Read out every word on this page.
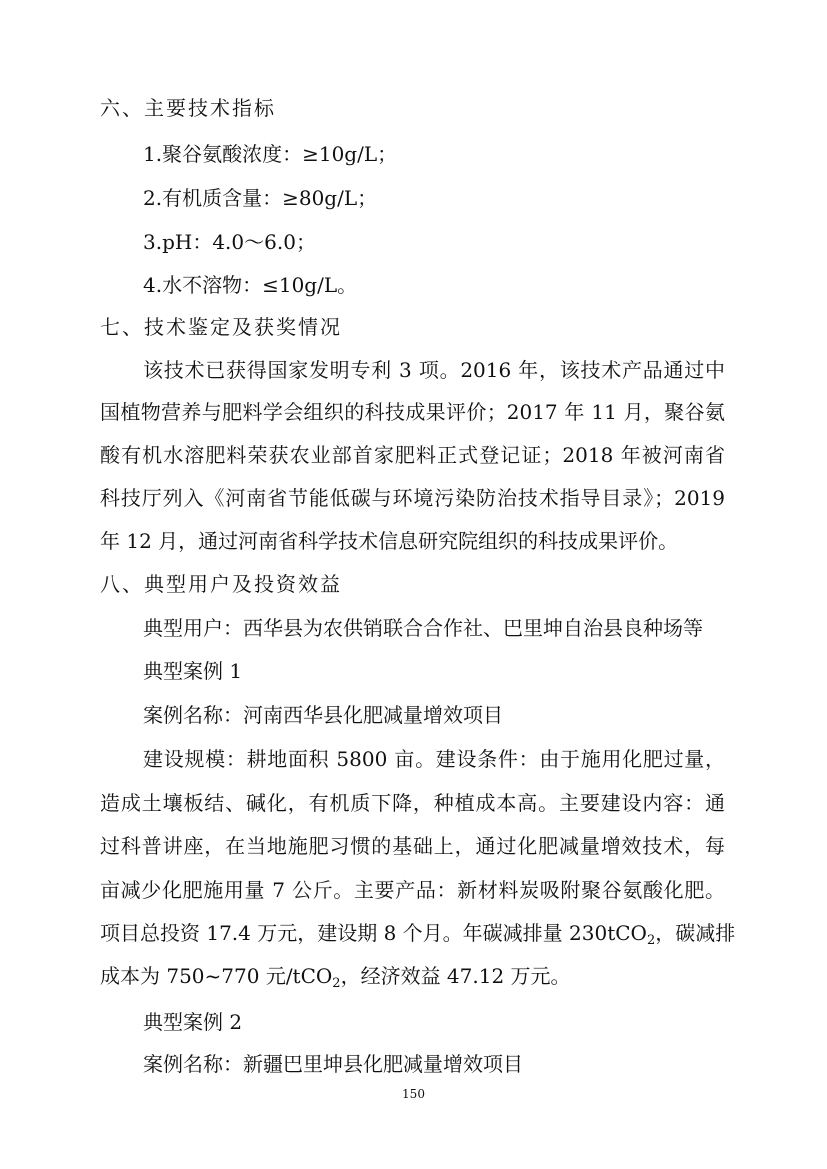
六、主要技术指标
1.聚谷氨酸浓度：≥10g/L；
2.有机质含量：≥80g/L；
3.pH：4.0～6.0；
4.水不溶物：≤10g/L。
七、技术鉴定及获奖情况
该技术已获得国家发明专利 3 项。2016 年，该技术产品通过中
国植物营养与肥料学会组织的科技成果评价；2017 年 11 月，聚谷氨
酸有机水溶肥料荣获农业部首家肥料正式登记证；2018 年被河南省
科技厅列入《河南省节能低碳与环境污染防治技术指导目录》；2019
年 12 月，通过河南省科学技术信息研究院组织的科技成果评价。
八、典型用户及投资效益
典型用户：西华县为农供销联合合作社、巴里坤自治县良种场等
典型案例 1
案例名称：河南西华县化肥减量增效项目
建设规模：耕地面积 5800 亩。建设条件：由于施用化肥过量，
造成土壤板结、碱化，有机质下降，种植成本高。主要建设内容：通
过科普讲座，在当地施肥习惯的基础上，通过化肥减量增效技术，每
亩减少化肥施用量 7 公斤。主要产品：新材料炭吸附聚谷氨酸化肥。
项目总投资 17.4 万元，建设期 8 个月。年碳减排量 230tCO$_2$，碳减排
成本为 750~770 元/tCO$_2$，经济效益 47.12 万元。
典型案例 2
案例名称：新疆巴里坤县化肥减量增效项目
150
